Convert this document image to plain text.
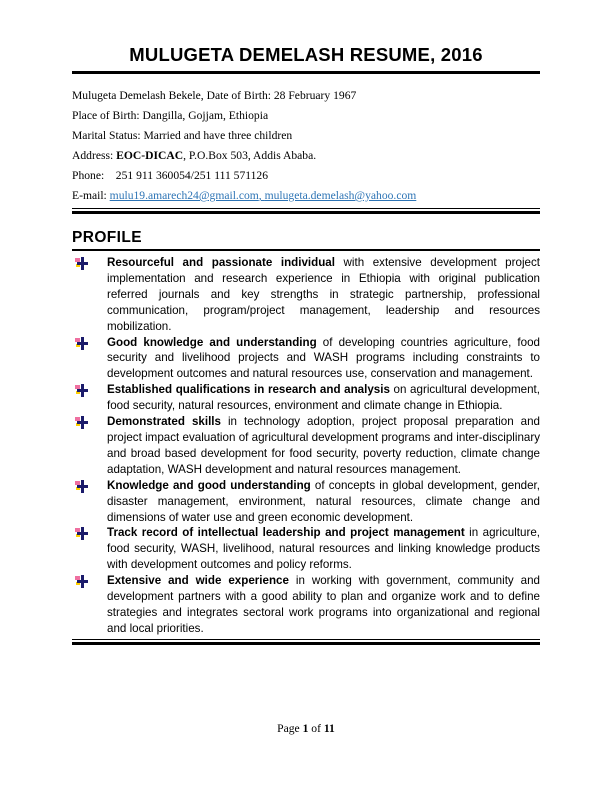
MULUGETA DEMELASH RESUME, 2016

Mulugeta Demelash Bekele, Date of Birth: 28 February 1967

Place of Birth: Dangilla, Gojjam, Ethiopia

Marital Status: Married and have three children

Address: EOC-DICAC, P.O.Box 503, Addis Ababa.

Phone:    251 911 360054/251 111 571126

E-mail: mulu19.amarech24@gmail.com, mulugeta.demelash@yahoo.com

PROFILE
Resourceful and passionate individual with extensive development project implementation and research experience in Ethiopia with original publication referred journals and key strengths in strategic partnership, professional communication, program/project management, leadership and resources mobilization.
Good knowledge and understanding of developing countries agriculture, food security and livelihood projects and WASH programs including constraints to development outcomes and natural resources use, conservation and management.
Established qualifications in research and analysis on agricultural development, food security, natural resources, environment and climate change in Ethiopia.
Demonstrated skills in technology adoption, project proposal preparation and project impact evaluation of agricultural development programs and inter-disciplinary and broad based development for food security, poverty reduction, climate change adaptation, WASH development and natural resources management.
Knowledge and good understanding of concepts in global development, gender, disaster management, environment, natural resources, climate change and dimensions of water use and green economic development.
Track record of intellectual leadership and project management in agriculture, food security, WASH, livelihood, natural resources and linking knowledge products with development outcomes and policy reforms.
Extensive and wide experience in working with government, community and development partners with a good ability to plan and organize work and to define strategies and integrates sectoral work programs into organizational and regional and local priorities.
Page 1 of 11
